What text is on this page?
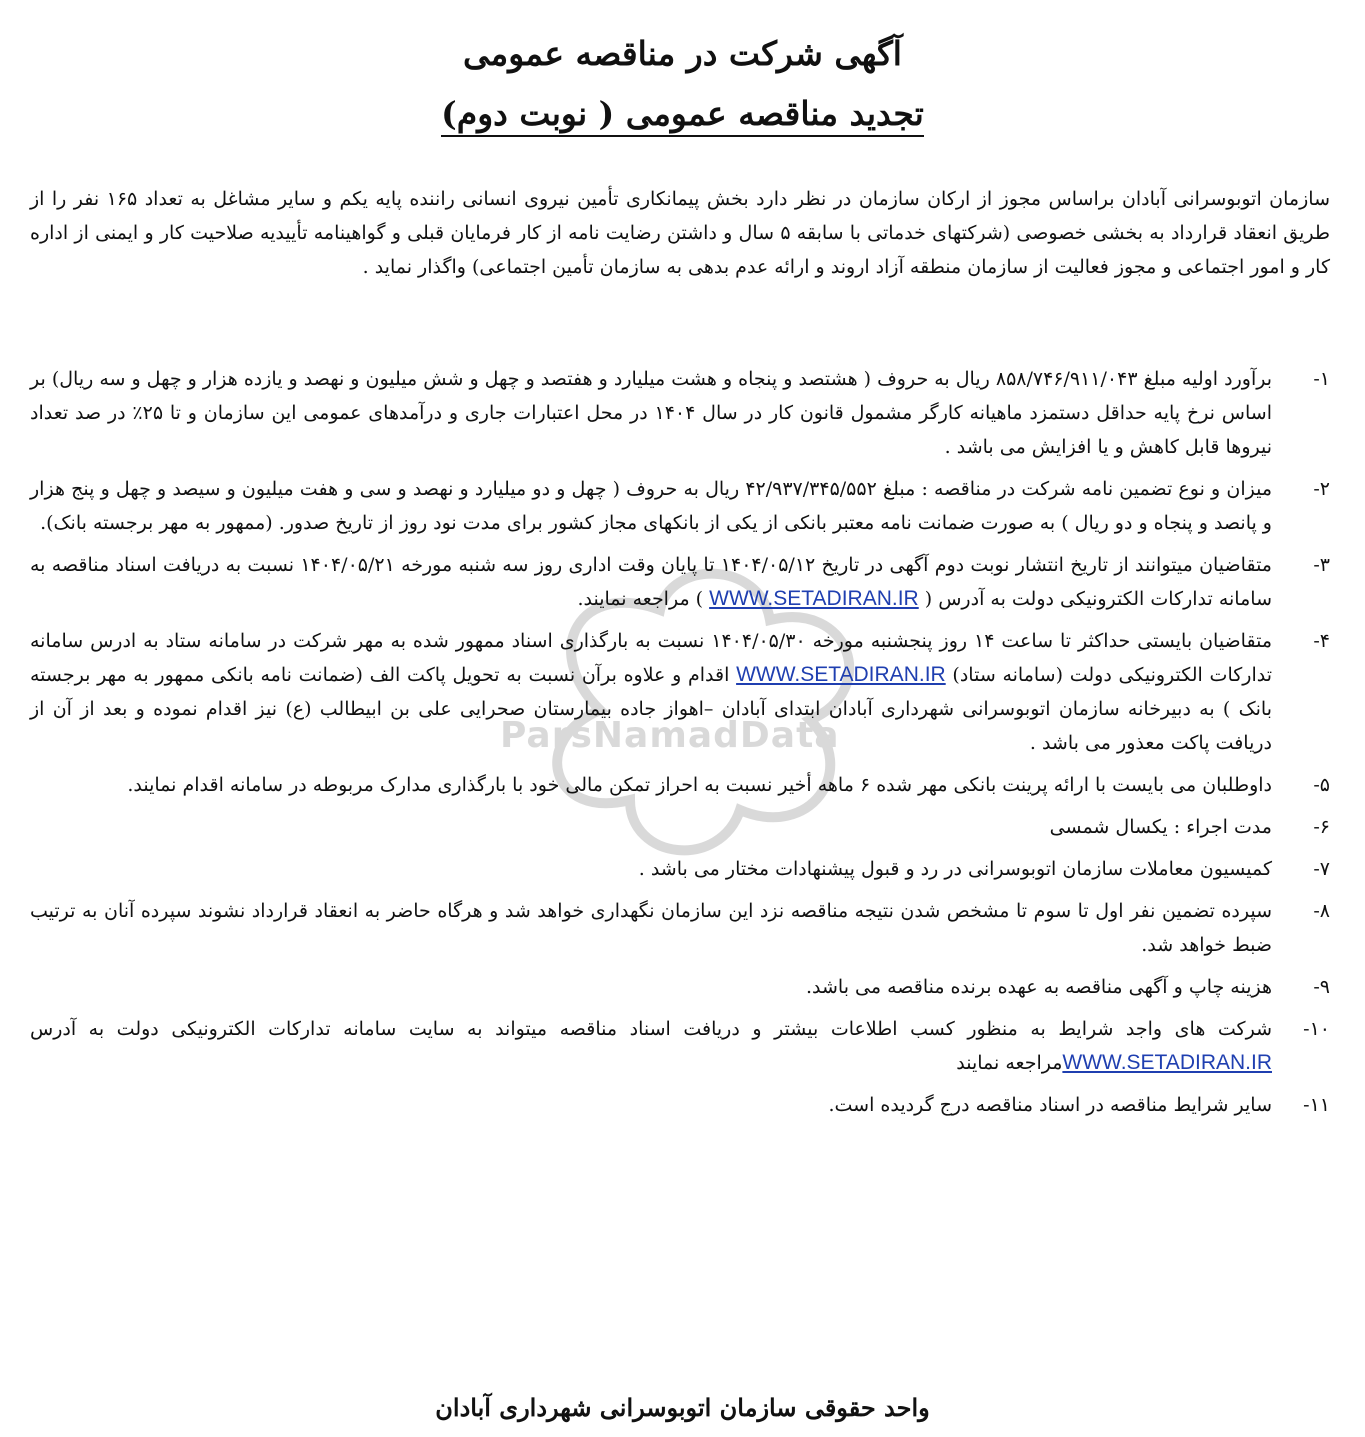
ParsNamadData
آگهی شرکت در مناقصه عمومی
تجدید مناقصه عمومی ( نوبت دوم)
سازمان اتوبوسرانی آبادان براساس مجوز از ارکان سازمان در نظر دارد بخش پیمانکاری تأمین نیروی انسانی راننده پایه یکم و سایر مشاغل به تعداد ۱۶۵ نفر را از طریق انعقاد قرارداد به بخشی خصوصی (شرکتهای خدماتی با سابقه ۵ سال و داشتن رضایت نامه از کار فرمایان قبلی و گواهینامه تأییدیه صلاحیت کار و ایمنی از اداره کار و امور اجتماعی و مجوز فعالیت از سازمان منطقه آزاد اروند و ارائه عدم بدهی به سازمان تأمین اجتماعی) واگذار نماید .
۱-
برآورد اولیه مبلغ ۸۵۸/۷۴۶/۹۱۱/۰۴۳ ریال به حروف ( هشتصد و پنجاه و هشت میلیارد و هفتصد و چهل و شش میلیون و نهصد و یازده هزار و چهل و سه ریال) بر اساس نرخ پایه حداقل دستمزد ماهیانه کارگر مشمول قانون کار در سال ۱۴۰۴ در محل اعتبارات جاری و درآمدهای عمومی این سازمان و تا ۲۵٪ در صد تعداد نیروها قابل کاهش و یا افزایش می باشد .
۲-
میزان و نوع تضمین نامه شرکت در مناقصه : مبلغ ۴۲/۹۳۷/۳۴۵/۵۵۲ ریال به حروف ( چهل و دو میلیارد و نهصد و سی و هفت میلیون و سیصد و چهل و پنج هزار و پانصد و پنجاه و دو ریال ) به صورت ضمانت نامه معتبر بانکی از یکی از بانکهای مجاز کشور برای مدت نود روز از تاریخ صدور. (ممهور به مهر برجسته بانک).
۳-
متقاضیان میتوانند از تاریخ انتشار نوبت دوم آگهی در تاریخ ۱۴۰۴/۰۵/۱۲ تا پایان وقت اداری روز سه شنبه مورخه ۱۴۰۴/۰۵/۲۱ نسبت به دریافت اسناد مناقصه به سامانه تدارکات الکترونیکی دولت به آدرس ( WWW.SETADIRAN.IR ) مراجعه نمایند.
۴-
متقاضیان بایستی حداکثر تا ساعت ۱۴ روز پنجشنبه مورخه ۱۴۰۴/۰۵/۳۰ نسبت به بارگذاری اسناد ممهور شده به مهر شرکت در سامانه ستاد به ادرس سامانه تدارکات الکترونیکی دولت (سامانه ستاد) WWW.SETADIRAN.IR اقدام و علاوه برآن نسبت به تحویل پاکت الف (ضمانت نامه بانکی ممهور به مهر برجسته بانک ) به دبیرخانه سازمان اتوبوسرانی شهرداری آبادان ابتدای آبادان –اهواز جاده بیمارستان صحرایی علی بن ابیطالب (ع) نیز اقدام نموده و بعد از آن از دریافت پاکت معذور می باشد .
۵-
داوطلبان می بایست با ارائه پرینت بانکی مهر شده ۶ ماهه أخیر نسبت به احراز تمکن مالی خود با بارگذاری مدارک مربوطه در سامانه اقدام نمایند.
۶-
مدت اجراء : یکسال شمسی
۷-
کمیسیون معاملات سازمان اتوبوسرانی در رد و قبول پیشنهادات مختار می باشد .
۸-
سپرده تضمین نفر اول تا سوم تا مشخص شدن نتیجه مناقصه نزد این سازمان نگهداری خواهد شد و هرگاه حاضر به انعقاد قرارداد نشوند سپرده آنان به ترتیب ضبط خواهد شد.
۹-
هزینه چاپ و آگهی مناقصه به عهده برنده مناقصه می باشد.
۱۰-
شرکت های واجد شرایط به منظور کسب اطلاعات بیشتر و دریافت اسناد مناقصه میتواند به سایت سامانه تدارکات الکترونیکی دولت به آدرس WWW.SETADIRAN.IRمراجعه نمایند
۱۱-
سایر شرایط مناقصه در اسناد مناقصه درج گردیده است.
واحد حقوقی سازمان اتوبوسرانی شهرداری آبادان
